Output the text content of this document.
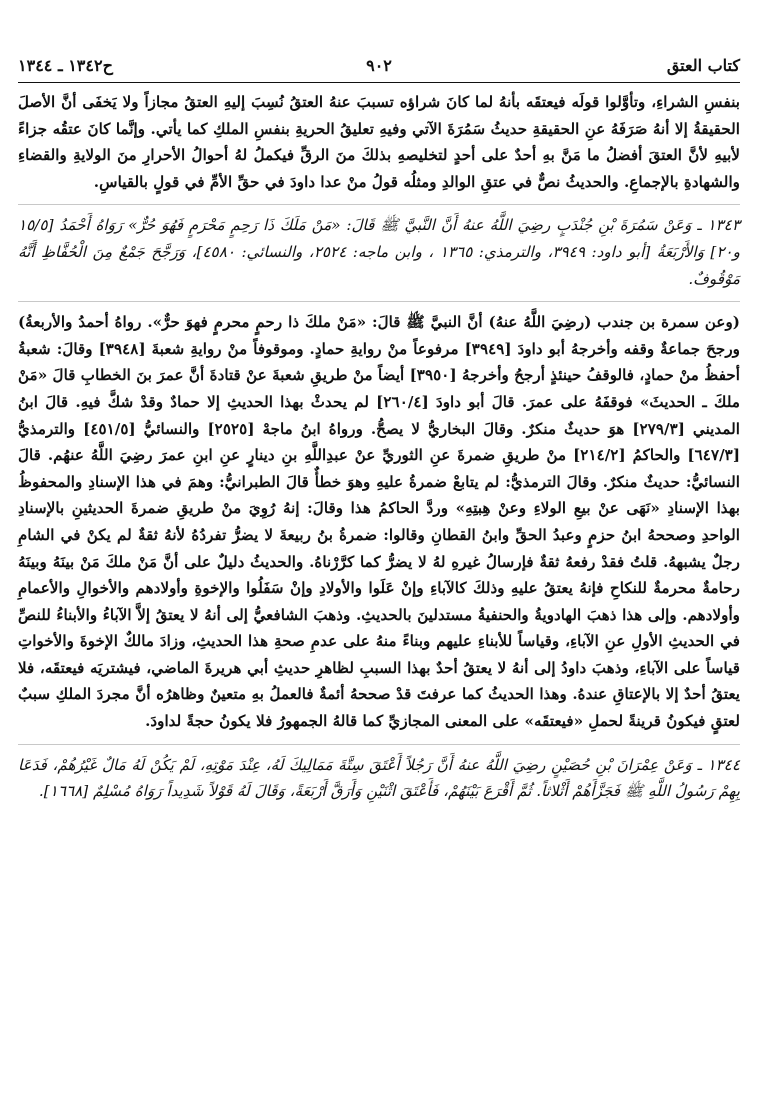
كتاب العتق
٩٠٢
ح١٣٤٢ ـ ١٣٤٤

بنفسِ الشراءِ، وتأوَّلوا قولَه فيعتقَه بأنهُ لما كانَ شراؤه تسببَ عنهُ العتقُ نُسِبَ إليهِ العتقُ مجازاً ولا يَخفَى أنَّ الأصلَ الحقيقةُ إلا أنهُ صَرَفَهُ عنِ الحقيقةِ حديثُ سَمُرَةَ الآتي وفيهِ تعليقُ الحريةِ بنفسِ الملكِ كما يأتي. وإنَّما كانَ عتقُه جزاءً لأبيهِ لأنَّ العتقَ أفضلُ ما مَنَّ بهِ أحدٌ على أحدٍ لتخليصهِ بذلكَ منَ الرقِّ فيكملُ لهُ أحوالُ الأحرارِ منَ الولايةِ والقضاءِ والشهادةِ بالإجماعِ. والحديثُ نصٌّ في عتقِ الوالدِ ومثلُه قولُ منْ عدا داودَ في حقِّ الأمِّ في قولٍ بالقياسِ.

١٣٤٣ ـ وَعَنْ سَمُرَةَ بْنِ جُنْدَبٍ رضِيَ اللَّهُ عنهُ أَنَّ النَّبيَّ ﷺ قَالَ: «مَنْ مَلَكَ ذَا رَحِمٍ مَحْرَمٍ فَهُوَ حُرٌّ» رَوَاهُ أَحْمَدُ [١٥/٥ و٢٠] وَالأَرْبَعَةُ [أبو داود: ٣٩٤٩، والترمذي: ١٣٦٥ ، وابن ماجه: ٢٥٢٤، والنسائي: ٤٥٨٠]، وَرَجَّحَ جَمْعٌ مِنَ الْحُفَّاظِ أَنَّهُ مَوْقُوفٌ.

(وعن سمرة بن جندب (رضِيَ اللَّهُ عنهُ) أنَّ النبيَّ ﷺ قالَ: «مَنْ ملكَ ذا رحمٍ محرمٍ فهوَ حرٌّ». رواهُ أحمدُ والأربعةُ) ورجحَ جماعةٌ وقفه وأخرجهُ أبو داودَ [٣٩٤٩] مرفوعاً منْ روايةِ حمادٍ. وموقوفاً منْ روايةِ شعبةَ [٣٩٤٨] وقالَ: شعبةُ أحفظُ منْ حمادٍ، فالوقفُ حينئذٍ أرجحُ وأخرجهُ [٣٩٥٠] أيضاً منْ طريقِ شعبةَ عنْ قتادةَ أنَّ عمرَ بنَ الخطابِ قالَ «مَنْ ملكَ ـ الحديثَ» فوقفَهُ على عمرَ. قالَ أبو داودَ [٢٦٠/٤] لم يحدثْ بهذا الحديثِ إلا حمادٌ وقدْ شكَّ فيهِ. قالَ ابنُ المديني [٢٧٩/٣] هوَ حديثٌ منكرٌ. وقالَ البخاريُّ لا يصحُّ. ورواهُ ابنُ ماجهْ [٢٥٢٥] والنسائيُّ [٤٥١/٥] والترمذيُّ [٦٤٧/٣] والحاكمُ [٢١٤/٢] منْ طريقِ ضمرةَ عنِ الثوريِّ عنْ عبدِاللَّهِ بنِ دينارٍ عنِ ابنِ عمرَ رضِيَ اللَّهُ عنهُم. قالَ النسائيُّ: حديثٌ منكرٌ. وقالَ الترمذيُّ: لم يتابعْ ضمرةُ عليهِ وهوَ خطأٌ قالَ الطبرانيُّ: وهمَ في هذا الإسنادِ والمحفوظُ بهذا الإسنادِ «نَهَى عنْ بيعِ الولاءِ وعنْ هِبتِهِ» وردَّ الحاكمُ هذا وقالَ: إنهُ رُوِيَ منْ طريقِ ضمرةَ الحديثينِ بالإسنادِ الواحدِ وصححهُ ابنُ حزمٍ وعبدُ الحقِّ وابنُ القطانِ وقالوا: ضمرةُ بنُ ربيعةَ لا يضرُّ تفردُهُ لأنهُ ثقةٌ لم يكنْ في الشامِ رجلٌ يشبههُ. قلتُ فقدْ رفعهُ ثقةٌ فإرسالُ غيرهِ لهُ لا يضرُّ كما كرَّرْناهُ. والحديثُ دليلٌ على أنَّ مَنْ ملكَ مَنْ بينَهُ وبينَهُ رحامةٌ محرمةٌ للنكاحِ فإنهُ يعتقُ عليهِ وذلكَ كالآباءِ وإنْ عَلَوا والأولادِ وإنْ سَفَلُوا والإخوةِ وأولادهم والأخوالِ والأعمامِ وأولادهم. وإلى هذا ذهبَ الهادويةُ والحنفيةُ مستدلينَ بالحديثِ. وذهبَ الشافعيُّ إلى أنهُ لا يعتقُ إلاَّ الآباءُ والأبناءُ للنصِّ في الحديثِ الأولِ عنِ الآباءِ، وقياساً للأبناءِ عليهم وبناءً منهُ على عدمِ صحةِ هذا الحديثِ، وزادَ مالكٌ الإخوةَ والأخواتِ قياساً على الآباءِ، وذهبَ داودُ إلى أنهُ لا يعتقُ أحدٌ بهذا السببِ لظاهرِ حديثِ أبي هريرةَ الماضي، فيشتريَه فيعتقَه، فلا يعتقُ أحدٌ إلا بالإعتاقِ عندهُ. وهذا الحديثُ كما عرفتَ قدْ صححهُ أئمةٌ فالعملُ بهِ متعينٌ وظاهرُه أنَّ مجردَ الملكِ سببٌ لعتقٍ فيكونُ قرينةً لحملِ «فيعتقَه» على المعنى المجازيِّ كما قالهُ الجمهورُ فلا يكونُ حجةً لداودَ.

١٣٤٤ ـ وَعَنْ عِمْرَانَ بْنِ حُصَيْنٍ رضِيَ اللَّهُ عنهُ أَنَّ رَجُلاً أَعْتَقَ سِتَّةَ مَمَالِيكَ لَهُ، عِنْدَ مَوْتِهِ، لَمْ يَكُنْ لَهُ مَالٌ غَيْرُهُمْ، فَدَعَا بِهِمْ رَسُولُ اللَّهِ ﷺ فَجَزَّأَهُمْ أَثْلاثاً. ثُمَّ أَقْرَعَ بَيْنَهُمْ، فَأَعْتَقَ اثْنَيْنِ وَأَرَقَّ أَرْبَعَةً، وَقَالَ لَهُ قَوْلاً شَدِيداً رَوَاهُ مُسْلِمٌ [١٦٦٨].
